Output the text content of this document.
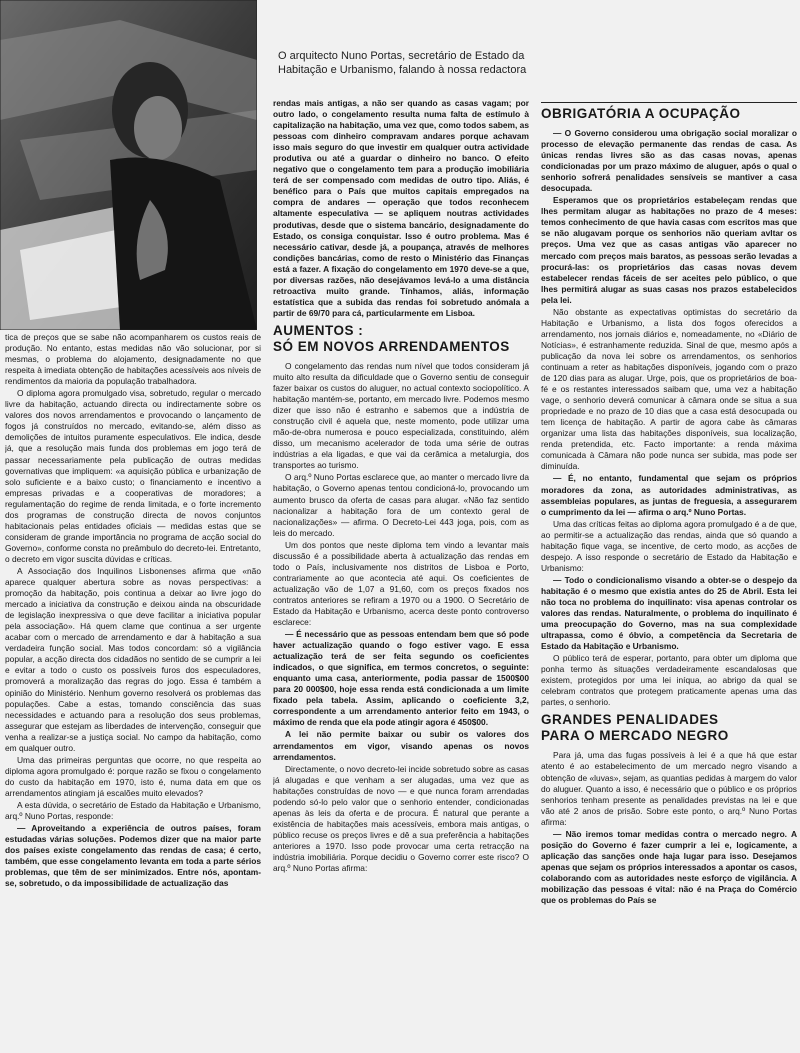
O arquitecto Nuno Portas, secretário de Estado da
Habitação e Urbanismo, falando à nossa redactora

tica de preços que se sabe não acompanharem os custos reais de produção. No entanto, estas medidas não vão solucionar, por si mesmas, o problema do alojamento, designadamente no que respeita à imediata obtenção de habitações acessíveis aos níveis de rendimentos da maioria da população trabalhadora.

O diploma agora promulgado visa, sobretudo, regular o mercado livre da habitação, actuando directa ou indirectamente sobre os valores dos novos arrendamentos e provocando o lançamento de fogos já construídos no mercado, evitando-se, além disso as demolições de intuitos puramente especulativos. Ele indica, desde já, que a resolução mais funda dos problemas em jogo terá de passar necessariamente pela publicação de outras medidas governativas que impliquem: «a aquisição pública e urbanização de solo suficiente e a baixo custo; o financiamento e incentivo a empresas privadas e a cooperativas de moradores; a regulamentação do regime de renda limitada, e o forte incremento dos programas de construção directa de novos conjuntos habitacionais pelas entidades oficiais — medidas estas que se consideram de grande importância no programa de acção social do Governo», conforme consta no preâmbulo do decreto-lei. Entretanto, o decreto em vigor suscita dúvidas e críticas.

A Associação dos Inquilinos Lisbonenses afirma que «não aparece qualquer abertura sobre as novas perspectivas: a promoção da habitação, pois continua a deixar ao livre jogo do mercado a iniciativa da construção e deixou ainda na obscuridade de legislação inexpressiva o que deve facilitar a iniciativa popular pela associação». Há quem clame que continua a ser urgente acabar com o mercado de arrendamento e dar à habitação a sua verdadeira função social. Mas todos concordam: só a vigilância popular, a acção directa dos cidadãos no sentido de se cumprir a lei e evitar a todo o custo os possíveis furos dos especuladores, promoverá a moralização das regras do jogo. Essa é também a opinião do Ministério. Nenhum governo resolverá os problemas das populações. Cabe a estas, tomando consciência das suas necessidades e actuando para a resolução dos seus problemas, assegurar que estejam as liberdades de intervenção, conseguir que venha a realizar-se a justiça social. No campo da habitação, como em qualquer outro.

Uma das primeiras perguntas que ocorre, no que respeita ao diploma agora promulgado é: porque razão se fixou o congelamento do custo da habitação em 1970, isto é, numa data em que os arrendamentos atingiam já escalões muito elevados?

A esta dúvida, o secretário de Estado da Habitação e Urbanismo, arq.º Nuno Portas, responde:

— Aproveitando a experiência de outros países, foram estudadas várias soluções. Podemos dizer que na maior parte dos países existe congelamento das rendas de casa; é certo, também, que esse congelamento levanta em toda a parte sérios problemas, que têm de ser minimizados. Entre nós, apontam-se, sobretudo, o da impossibilidade de actualização das

rendas mais antigas, a não ser quando as casas vagam; por outro lado, o congelamento resulta numa falta de estímulo à capitalização na habitação, uma vez que, como todos sabem, as pessoas com dinheiro compravam andares porque achavam isso mais seguro do que investir em qualquer outra actividade produtiva ou até a guardar o dinheiro no banco. O efeito negativo que o congelamento tem para a produção imobiliária terá de ser compensado com medidas de outro tipo. Aliás, é benéfico para o País que muitos capitais empregados na compra de andares — operação que todos reconhecem altamente especulativa — se apliquem noutras actividades produtivas, desde que o sistema bancário, designadamente do Estado, os consiga conquistar. Isso é outro problema. Mas é necessário cativar, desde já, a poupança, através de melhores condições bancárias, como de resto o Ministério das Finanças está a fazer. A fixação do congelamento em 1970 deve-se a que, por diversas razões, não desejávamos levá-lo a uma distância retroactiva muito grande. Tínhamos, aliás, informação estatística que a subida das rendas foi sobretudo anómala a partir de 69/70 para cá, particularmente em Lisboa.

AUMENTOS :
SÓ EM NOVOS ARRENDAMENTOS

O congelamento das rendas num nível que todos consideram já muito alto resulta da dificuldade que o Governo sentiu de conseguir fazer baixar os custos do aluguer, no actual contexto sociopolítico. A habitação mantém-se, portanto, em mercado livre. Podemos mesmo dizer que isso não é estranho e sabemos que a indústria de construção civil é aquela que, neste momento, pode utilizar uma mão-de-obra numerosa e pouco especializada, constituindo, além disso, um mecanismo acelerador de toda uma série de outras indústrias a ela ligadas, e que vai da cerâmica a metalurgia, dos transportes ao turismo.

O arq.º Nuno Portas esclarece que, ao manter o mercado livre da habitação, o Governo apenas tentou condicioná-lo, provocando um aumento brusco da oferta de casas para alugar. «Não faz sentido nacionalizar a habitação fora de um contexto geral de nacionalizações» — afirma. O Decreto-Lei 443 joga, pois, com as leis do mercado.

Um dos pontos que neste diploma tem vindo a levantar mais discussão é a possibilidade aberta à actualização das rendas em todo o País, inclusivamente nos distritos de Lisboa e Porto, contrariamente ao que acontecia até aqui. Os coeficientes de actualização vão de 1,07 a 91,60, com os preços fixados nos contratos anteriores se refiram a 1970 ou a 1900. O Secretário de Estado da Habitação e Urbanismo, acerca deste ponto controverso esclarece:

— É necessário que as pessoas entendam bem que só pode haver actualização quando o fogo estiver vago. E essa actualização terá de ser feita segundo os coeficientes indicados, o que significa, em termos concretos, o seguinte: enquanto uma casa, anteriormente, podia passar de 1500$00 para 20 000$00, hoje essa renda está condicionada a um limite fixado pela tabela. Assim, aplicando o coeficiente 3,2, correspondente a um arrendamento anterior feito em 1943, o máximo de renda que ela pode atingir agora é 450$00.

A lei não permite baixar ou subir os valores dos arrendamentos em vigor, visando apenas os novos arrendamentos.

Directamente, o novo decreto-lei incide sobretudo sobre as casas já alugadas e que venham a ser alugadas, uma vez que as habitações construídas de novo — e que nunca foram arrendadas podendo só-lo pelo valor que o senhorio entender, condicionadas apenas às leis da oferta e de procura. É natural que perante a existência de habitações mais acessíveis, embora mais antigas, o público recuse os preços livres e dê a sua preferência a habitações anteriores a 1970. Isso pode provocar uma certa retracção na indústria imobiliária. Porque decidiu o Governo correr este risco? O arq.º Nuno Portas afirma:

OBRIGATÓRIA A OCUPAÇÃO

— O Governo considerou uma obrigação social moralizar o processo de elevação permanente das rendas de casa. As únicas rendas livres são as das casas novas, apenas condicionadas por um prazo máximo de aluguer, após o qual o senhorio sofrerá penalidades sensíveis se mantiver a casa desocupada.

Esperamos que os proprietários estabeleçam rendas que lhes permitam alugar as habitações no prazo de 4 meses: temos conhecimento de que havia casas com escritos mas que se não alugavam porque os senhorios não queriam avltar os preços. Uma vez que as casas antigas vão aparecer no mercado com preços mais baratos, as pessoas serão levadas a procurá-las: os proprietários das casas novas devem estabelecer rendas fáceis de ser aceites pelo público, o que lhes permitirá alugar as suas casas nos prazos estabelecidos pela lei.

Não obstante as expectativas optimistas do secretário da Habitação e Urbanismo, a lista dos fogos oferecidos a arrendamento, nos jornais diários e, nomeadamente, no «Diário de Notícias», é estranhamente reduzida. Sinal de que, mesmo após a publicação da nova lei sobre os arrendamentos, os senhorios continuam a reter as habitações disponíveis, jogando com o prazo de 120 dias para as alugar. Urge, pois, que os proprietários de boa-fé e os restantes interessados saibam que, uma vez a habitação vage, o senhorio deverá comunicar à câmara onde se situa a sua propriedade e no prazo de 10 dias que a casa está desocupada ou tem licença de habitação. A partir de agora cabe às câmaras organizar uma lista das habitações disponíveis, sua localização, renda pretendida, etc. Facto importante: a renda máxima comunicada à Câmara não pode nunca ser subida, mas pode ser diminuída.

— É, no entanto, fundamental que sejam os próprios moradores da zona, as autoridades administrativas, as assembleias populares, as juntas de freguesia, a assegurarem o cumprimento da lei — afirma o arq.º Nuno Portas.

Uma das críticas feitas ao diploma agora promulgado é a de que, ao permitir-se a actualização das rendas, ainda que só quando a habitação fique vaga, se incentive, de certo modo, as acções de despejo. A isso responde o secretário de Estado da Habitação e Urbanismo:

— Todo o condicionalismo visando a obter-se o despejo da habitação é o mesmo que existia antes do 25 de Abril. Esta lei não toca no problema do inquilinato: visa apenas controlar os valores das rendas. Naturalmente, o problema do inquilinato é uma preocupação do Governo, mas na sua complexidade ultrapassa, como é óbvio, a competência da Secretaria de Estado da Habitação e Urbanismo.

O público terá de esperar, portanto, para obter um diploma que ponha termo às situações verdadeiramente escandalosas que existem, protegidos por uma lei iníqua, ao abrigo da qual se celebram contratos que protegem praticamente apenas uma das partes, o senhorio.

GRANDES PENALIDADES
PARA O MERCADO NEGRO

Para já, uma das fugas possíveis à lei é a que há que estar atento é ao estabelecimento de um mercado negro visando a obtenção de «luvas», sejam, as quantias pedidas à margem do valor do aluguer. Quanto a isso, é necessário que o público e os próprios senhorios tenham presente as penalidades previstas na lei e que vão até 2 anos de prisão. Sobre este ponto, o arq.º Nuno Portas afirma:

— Não iremos tomar medidas contra o mercado negro. A posição do Governo é fazer cumprir a lei e, logicamente, a aplicação das sanções onde haja lugar para isso. Desejamos apenas que sejam os próprios interessados a apontar os casos, colaborando com as autoridades neste esforço de vigilância. A mobilização das pessoas é vital: não é na Praça do Comércio que os problemas do País se
